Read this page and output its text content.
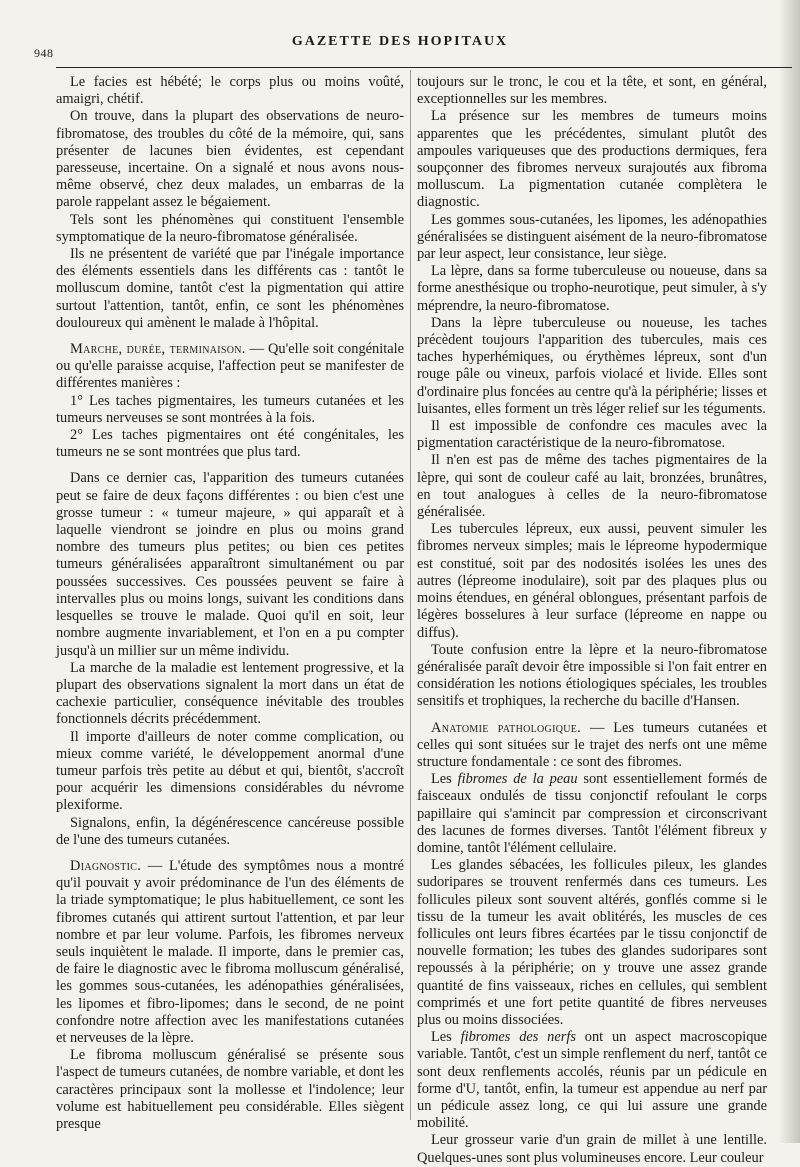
948
GAZETTE DES HOPITAUX

Le facies est hébété; le corps plus ou moins voûté, amaigri, chétif.

On trouve, dans la plupart des observations de neuro-fibromatose, des troubles du côté de la mémoire, qui, sans présenter de lacunes bien évidentes, est cependant paresseuse, incertaine. On a signalé et nous avons nous-même observé, chez deux malades, un embarras de la parole rappelant assez le bégaiement.

Tels sont les phénomènes qui constituent l'ensemble symptomatique de la neuro-fibromatose généralisée.

Ils ne présentent de variété que par l'inégale importance des éléments essentiels dans les différents cas : tantôt le molluscum domine, tantôt c'est la pigmentation qui attire surtout l'attention, tantôt, enfin, ce sont les phénomènes douloureux qui amènent le malade à l'hôpital.

Marche, durée, terminaison. — Qu'elle soit congénitale ou qu'elle paraisse acquise, l'affection peut se manifester de différentes manières :

1° Les taches pigmentaires, les tumeurs cutanées et les tumeurs nerveuses se sont montrées à la fois.

2° Les taches pigmentaires ont été congénitales, les tumeurs ne se sont montrées que plus tard.

Dans ce dernier cas, l'apparition des tumeurs cutanées peut se faire de deux façons différentes : ou bien c'est une grosse tumeur : « tumeur majeure, » qui apparaît et à laquelle viendront se joindre en plus ou moins grand nombre des tumeurs plus petites; ou bien ces petites tumeurs généralisées apparaîtront simultanément ou par poussées successives. Ces poussées peuvent se faire à intervalles plus ou moins longs, suivant les conditions dans lesquelles se trouve le malade. Quoi qu'il en soit, leur nombre augmente invariablement, et l'on en a pu compter jusqu'à un millier sur un même individu.

La marche de la maladie est lentement progressive, et la plupart des observations signalent la mort dans un état de cachexie particulier, conséquence inévitable des troubles fonctionnels décrits précédemment.

Il importe d'ailleurs de noter comme complication, ou mieux comme variété, le développement anormal d'une tumeur parfois très petite au début et qui, bientôt, s'accroît pour acquérir les dimensions considérables du névrome plexiforme.

Signalons, enfin, la dégénérescence cancéreuse possible de l'une des tumeurs cutanées.

Diagnostic. — L'étude des symptômes nous a montré qu'il pouvait y avoir prédominance de l'un des éléments de la triade symptomatique; le plus habituellement, ce sont les fibromes cutanés qui attirent surtout l'attention, et par leur nombre et par leur volume. Parfois, les fibromes nerveux seuls inquiètent le malade. Il importe, dans le premier cas, de faire le diagnostic avec le fibroma molluscum généralisé, les gommes sous-cutanées, les adénopathies généralisées, les lipomes et fibro-lipomes; dans le second, de ne point confondre notre affection avec les manifestations cutanées et nerveuses de la lèpre.

Le fibroma molluscum généralisé se présente sous l'aspect de tumeurs cutanées, de nombre variable, et dont les caractères principaux sont la mollesse et l'indolence; leur volume est habituellement peu considérable. Elles siègent presque

toujours sur le tronc, le cou et la tête, et sont, en général, exceptionnelles sur les membres.

La présence sur les membres de tumeurs moins apparentes que les précédentes, simulant plutôt des ampoules variqueuses que des productions dermiques, fera soupçonner des fibromes nerveux surajoutés aux fibroma molluscum. La pigmentation cutanée complètera le diagnostic.

Les gommes sous-cutanées, les lipomes, les adénopathies généralisées se distinguent aisément de la neuro-fibromatose par leur aspect, leur consistance, leur siège.

La lèpre, dans sa forme tuberculeuse ou noueuse, dans sa forme anesthésique ou tropho-neurotique, peut simuler, à s'y méprendre, la neuro-fibromatose.

Dans la lèpre tuberculeuse ou noueuse, les taches précèdent toujours l'apparition des tubercules, mais ces taches hyperhémiques, ou érythèmes lépreux, sont d'un rouge pâle ou vineux, parfois violacé et livide. Elles sont d'ordinaire plus foncées au centre qu'à la périphérie; lisses et luisantes, elles forment un très léger relief sur les téguments.

Il est impossible de confondre ces macules avec la pigmentation caractéristique de la neuro-fibromatose.

Il n'en est pas de même des taches pigmentaires de la lèpre, qui sont de couleur café au lait, bronzées, brunâtres, en tout analogues à celles de la neuro-fibromatose généralisée.

Les tubercules lépreux, eux aussi, peuvent simuler les fibromes nerveux simples; mais le lépreome hypodermique est constitué, soit par des nodosités isolées les unes des autres (lépreome inodulaire), soit par des plaques plus ou moins étendues, en général oblongues, présentant parfois de légères bosselures à leur surface (lépreome en nappe ou diffus).

Toute confusion entre la lèpre et la neuro-fibromatose généralisée paraît devoir être impossible si l'on fait entrer en considération les notions étiologiques spéciales, les troubles sensitifs et trophiques, la recherche du bacille d'Hansen.

Anatomie pathologique. — Les tumeurs cutanées et celles qui sont situées sur le trajet des nerfs ont une même structure fondamentale : ce sont des fibromes.

Les fibromes de la peau sont essentiellement formés de faisceaux ondulés de tissu conjonctif refoulant le corps papillaire qui s'amincit par compression et circonscrivant des lacunes de formes diverses. Tantôt l'élément fibreux y domine, tantôt l'élément cellulaire.

Les glandes sébacées, les follicules pileux, les glandes sudoripares se trouvent renfermés dans ces tumeurs. Les follicules pileux sont souvent altérés, gonflés comme si le tissu de la tumeur les avait oblitérés, les muscles de ces follicules ont leurs fibres écartées par le tissu conjonctif de nouvelle formation; les tubes des glandes sudoripares sont repoussés à la périphérie; on y trouve une assez grande quantité de fins vaisseaux, riches en cellules, qui semblent comprimés et une fort petite quantité de fibres nerveuses plus ou moins dissociées.

Les fibromes des nerfs ont un aspect macroscopique variable. Tantôt, c'est un simple renflement du nerf, tantôt ce sont deux renflements accolés, réunis par un pédicule en forme d'U, tantôt, enfin, la tumeur est appendue au nerf par un pédicule assez long, ce qui lui assure une grande mobilité.

Leur grosseur varie d'un grain de millet à une lentille. Quelques-unes sont plus volumineuses encore. Leur couleur
